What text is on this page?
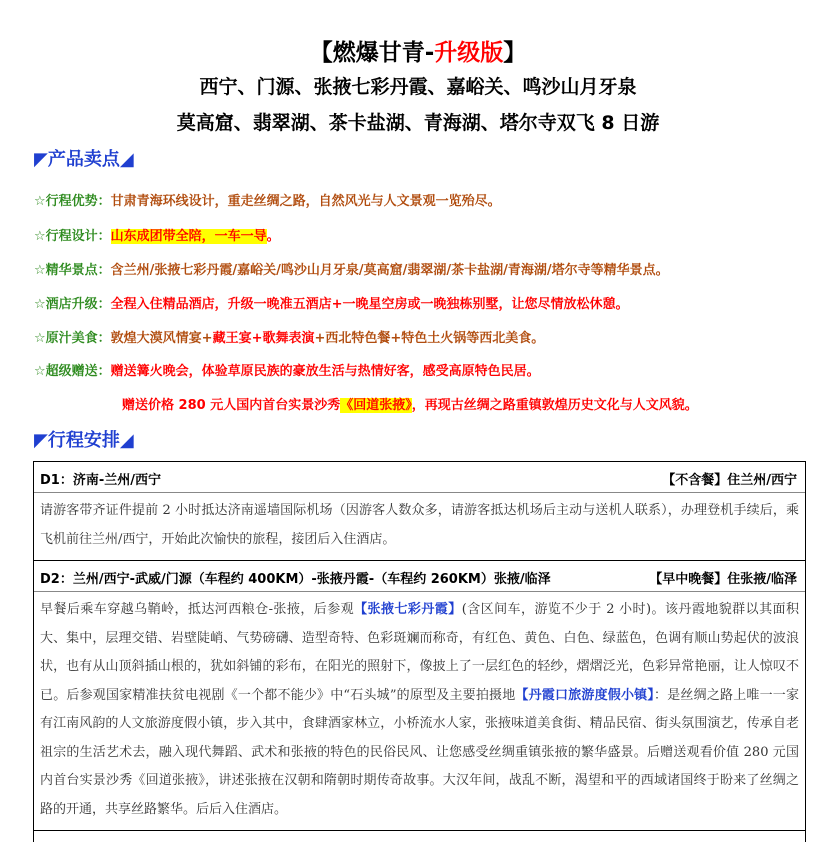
【燃爆甘青-升级版】
西宁、门源、张掖七彩丹霞、嘉峪关、鸣沙山月牙泉
莫高窟、翡翠湖、茶卡盐湖、青海湖、塔尔寺双飞 8 日游
◤产品卖点◢
☆行程优势：甘肃青海环线设计，重走丝绸之路，自然风光与人文景观一览殆尽。
☆行程设计：山东成团带全陪，一车一导。
☆精华景点：含兰州/张掖七彩丹霞/嘉峪关/鸣沙山月牙泉/莫高窟/翡翠湖/茶卡盐湖/青海湖/塔尔寺等精华景点。
☆酒店升级：全程入住精品酒店，升级一晚准五酒店+一晚星空房或一晚独栋别墅，让您尽情放松休憩。
☆原汁美食：敦煌大漠风情宴+藏王宴+歌舞表演+西北特色餐+特色土火锅等西北美食。
☆超级赠送：赠送篝火晚会，体验草原民族的豪放生活与热情好客，感受高原特色民居。
赠送价格 280 元人国内首台实景沙秀《回道张掖》，再现古丝绸之路重镇敦煌历史文化与人文风貌。
◤行程安排◢
D1：济南-兰州/西宁	【不含餐】住兰州/西宁
请游客带齐证件提前 2 小时抵达济南遥墙国际机场（因游客人数众多，请游客抵达机场后主动与送机人联系），办理登机手续后，乘飞机前往兰州/西宁，开始此次愉快的旅程，接团后入住酒店。
D2：兰州/西宁-武威/门源（车程约 400KM）-张掖丹霞-（车程约 260KM）张掖/临泽	【早中晚餐】住张掖/临泽
早餐后乘车穿越乌鞘岭，抵达河西粮仓-张掖，后参观【张掖七彩丹霞】(含区间车，游览不少于 2 小时)。该丹霞地貌群以其面积大、集中，层理交错、岩壁陡峭、气势磅礴、造型奇特、色彩斑斓而称奇，有红色、黄色、白色、绿蓝色，色调有顺山势起伏的波浪状，也有从山顶斜插山根的，犹如斜铺的彩布，在阳光的照射下，像披上了一层红色的轻纱，熠熠泛光，色彩异常艳丽，让人惊叹不已。后参观国家精准扶贫电视剧《一个都不能少》中“石头城”的原型及主要拍摄地【丹霞口旅游度假小镇】：是丝绸之路上唯一一家有江南风韵的人文旅游度假小镇，步入其中，食肆酒家林立，小桥流水人家，张掖味道美食街、精品民宿、街头氛围演艺，传承自老祖宗的生活艺术去，融入现代舞蹈、武术和张掖的特色的民俗民风、让您感受丝绸重镇张掖的繁华盛景。后赠送观看价值 280 元国内首台实景沙秀《回道张掖》，讲述张掖在汉朝和隋朝时期传奇故事。大汉年间，战乱不断，渴望和平的西域诸国终于盼来了丝绸之路的开通，共享丝路繁华。后后入住酒店。
